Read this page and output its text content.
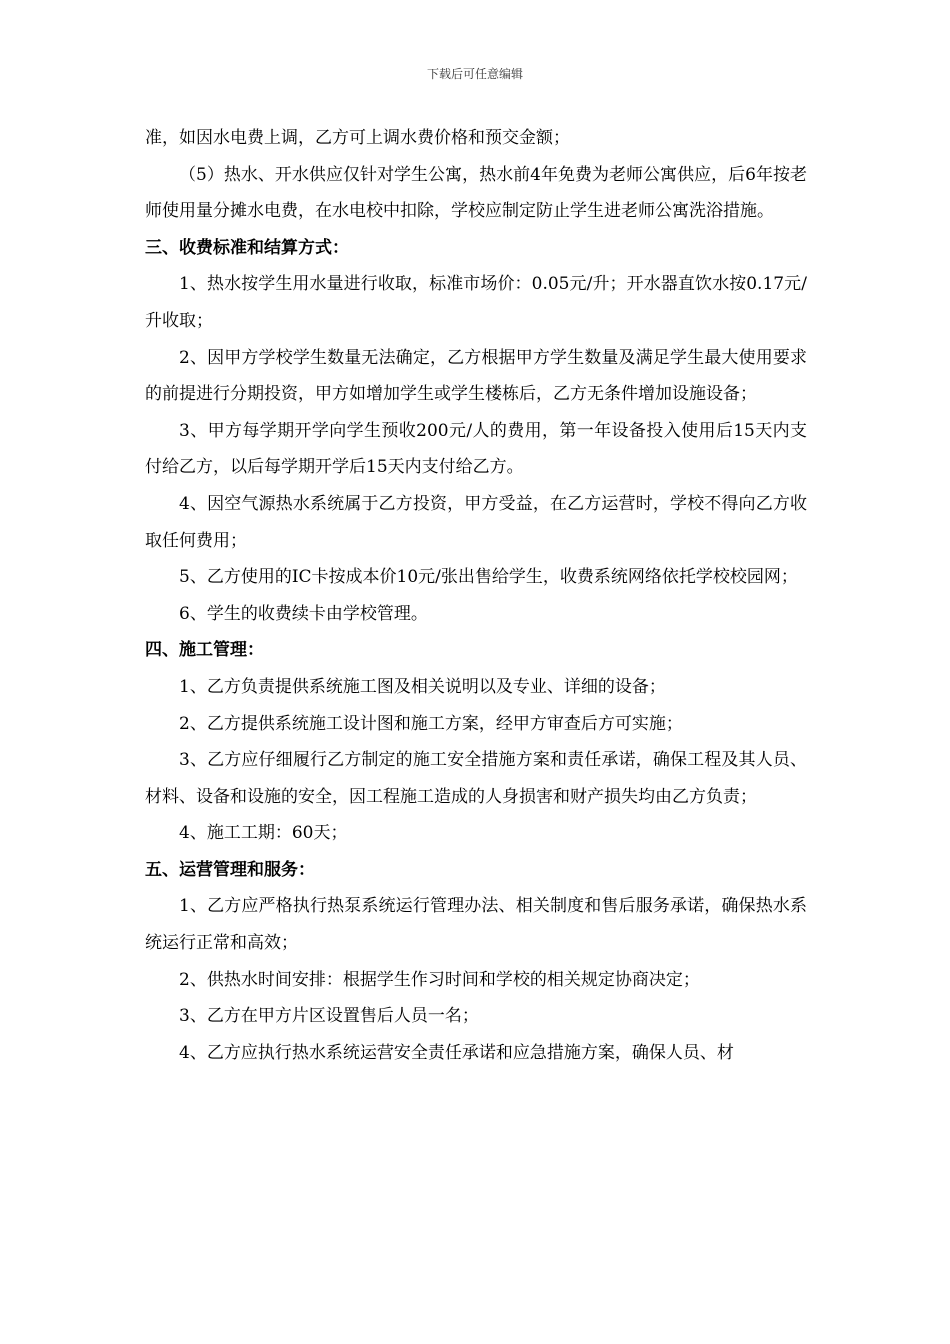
下载后可任意编辑

准，如因水电费上调，乙方可上调水费价格和预交金额；

（5）热水、开水供应仅针对学生公寓，热水前4年免费为老师公寓供应，后6年按老师使用量分摊水电费，在水电校中扣除，学校应制定防止学生进老师公寓洗浴措施。

三、收费标准和结算方式：

1、热水按学生用水量进行收取，标准市场价：0.05元/升；开水器直饮水按0.17元/升收取；

2、因甲方学校学生数量无法确定，乙方根据甲方学生数量及满足学生最大使用要求的前提进行分期投资，甲方如增加学生或学生楼栋后，乙方无条件增加设施设备；

3、甲方每学期开学向学生预收200元/人的费用，第一年设备投入使用后15天内支付给乙方，以后每学期开学后15天内支付给乙方。

4、因空气源热水系统属于乙方投资，甲方受益，在乙方运营时，学校不得向乙方收取任何费用；

5、乙方使用的IC卡按成本价10元/张出售给学生，收费系统网络依托学校校园网；

6、学生的收费续卡由学校管理。

四、施工管理：

1、乙方负责提供系统施工图及相关说明以及专业、详细的设备；

2、乙方提供系统施工设计图和施工方案，经甲方审查后方可实施；

3、乙方应仔细履行乙方制定的施工安全措施方案和责任承诺，确保工程及其人员、材料、设备和设施的安全，因工程施工造成的人身损害和财产损失均由乙方负责；

4、施工工期：60天；

五、运营管理和服务：

1、乙方应严格执行热泵系统运行管理办法、相关制度和售后服务承诺，确保热水系统运行正常和高效；

2、供热水时间安排：根据学生作习时间和学校的相关规定协商决定；

3、乙方在甲方片区设置售后人员一名；

4、乙方应执行热水系统运营安全责任承诺和应急措施方案，确保人员、材
